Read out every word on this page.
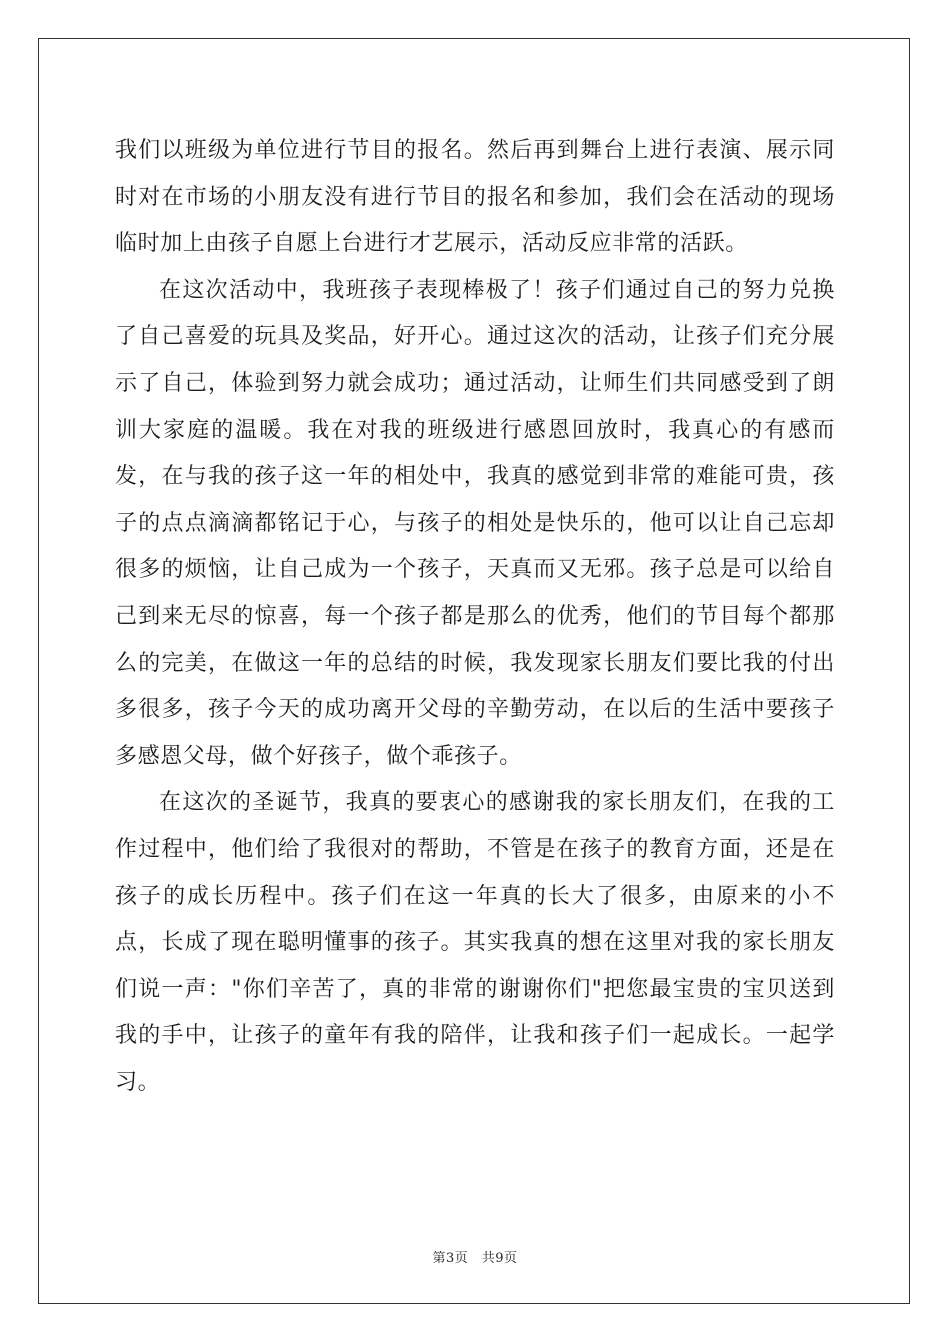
我们以班级为单位进行节目的报名。然后再到舞台上进行表演、展示同时对在市场的小朋友没有进行节目的报名和参加，我们会在活动的现场临时加上由孩子自愿上台进行才艺展示，活动反应非常的活跃。

在这次活动中，我班孩子表现棒极了！孩子们通过自己的努力兑换了自己喜爱的玩具及奖品，好开心。通过这次的活动，让孩子们充分展示了自己，体验到努力就会成功；通过活动，让师生们共同感受到了朗训大家庭的温暖。我在对我的班级进行感恩回放时，我真心的有感而发，在与我的孩子这一年的相处中，我真的感觉到非常的难能可贵，孩子的点点滴滴都铭记于心，与孩子的相处是快乐的，他可以让自己忘却很多的烦恼，让自己成为一个孩子，天真而又无邪。孩子总是可以给自己到来无尽的惊喜，每一个孩子都是那么的优秀，他们的节目每个都那么的完美，在做这一年的总结的时候，我发现家长朋友们要比我的付出多很多，孩子今天的成功离开父母的辛勤劳动，在以后的生活中要孩子多感恩父母，做个好孩子，做个乖孩子。

在这次的圣诞节，我真的要衷心的感谢我的家长朋友们，在我的工作过程中，他们给了我很对的帮助，不管是在孩子的教育方面，还是在孩子的成长历程中。孩子们在这一年真的长大了很多，由原来的小不点，长成了现在聪明懂事的孩子。其实我真的想在这里对我的家长朋友们说一声："你们辛苦了，真的非常的谢谢你们"把您最宝贵的宝贝送到我的手中，让孩子的童年有我的陪伴，让我和孩子们一起成长。一起学习。

第3页　共9页
